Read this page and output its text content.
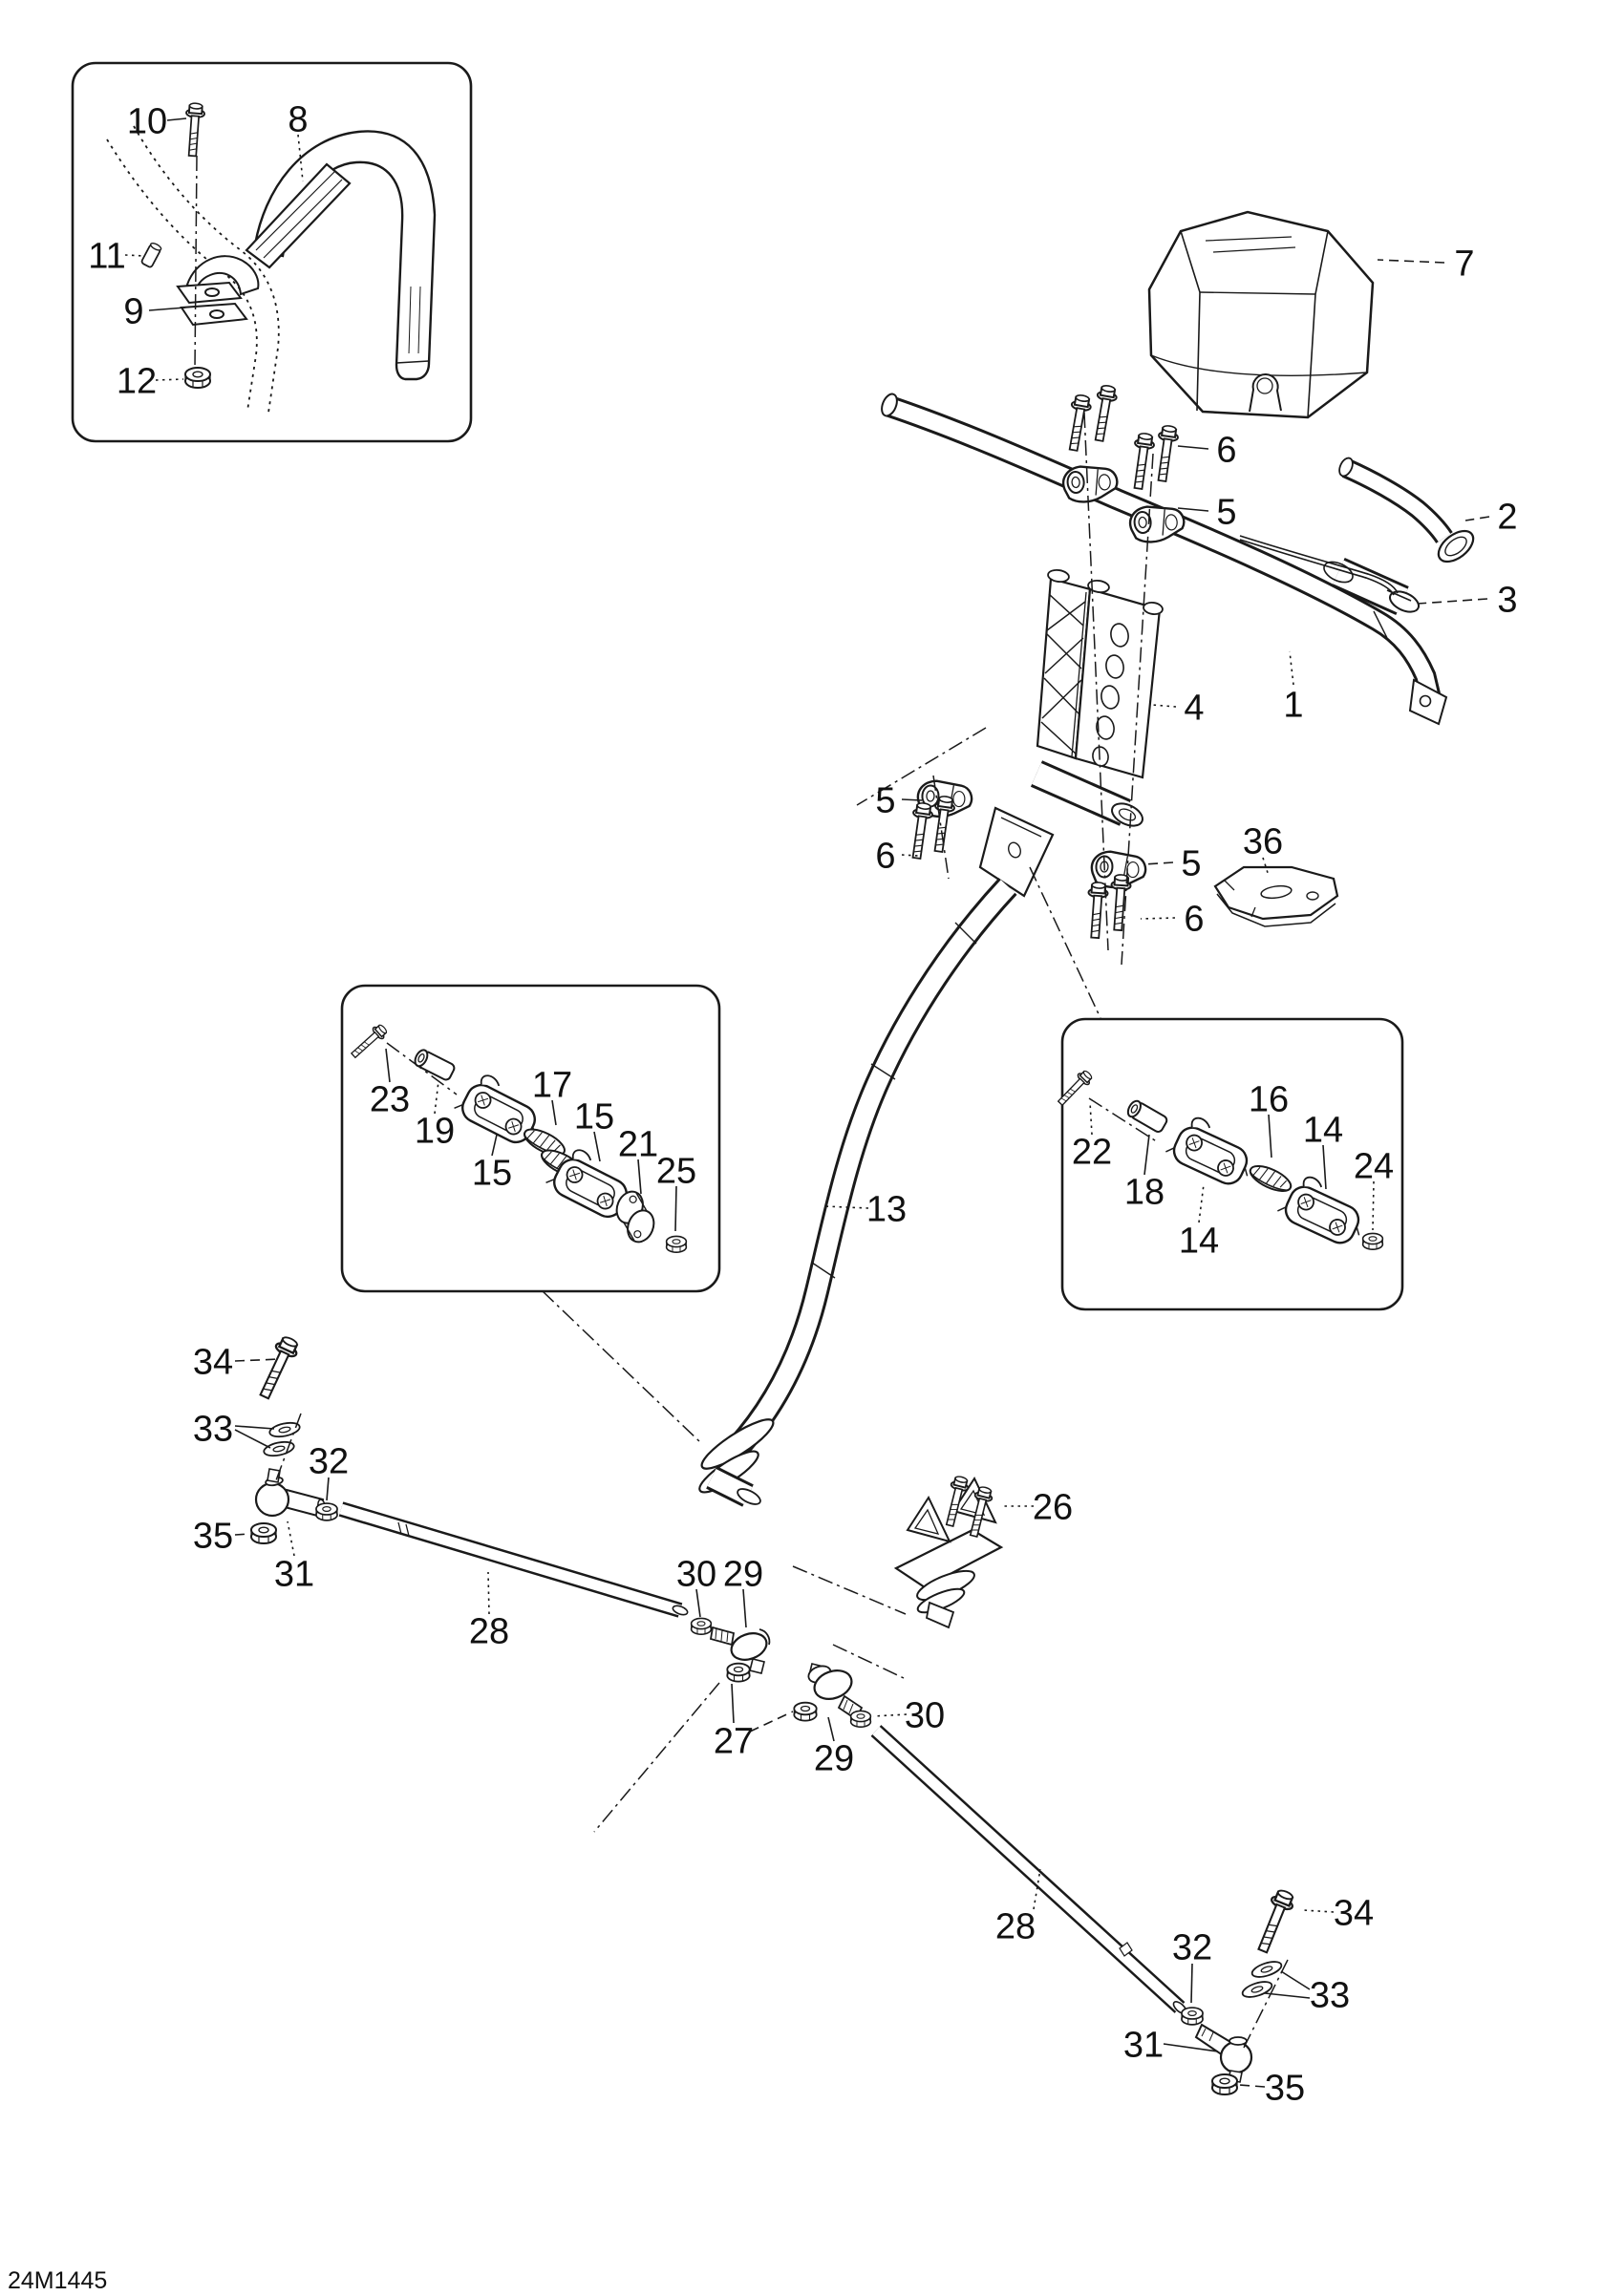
10	8
11
9
12
7
6
5	2
3
1
4
5
6	5
6
36
13
23
19
15
17
15
21
25	22
18
14
16
14
24
34
33
32
35
31
28
30 29
26
27 29
30
28
32
34
33
31
35
24M1445
